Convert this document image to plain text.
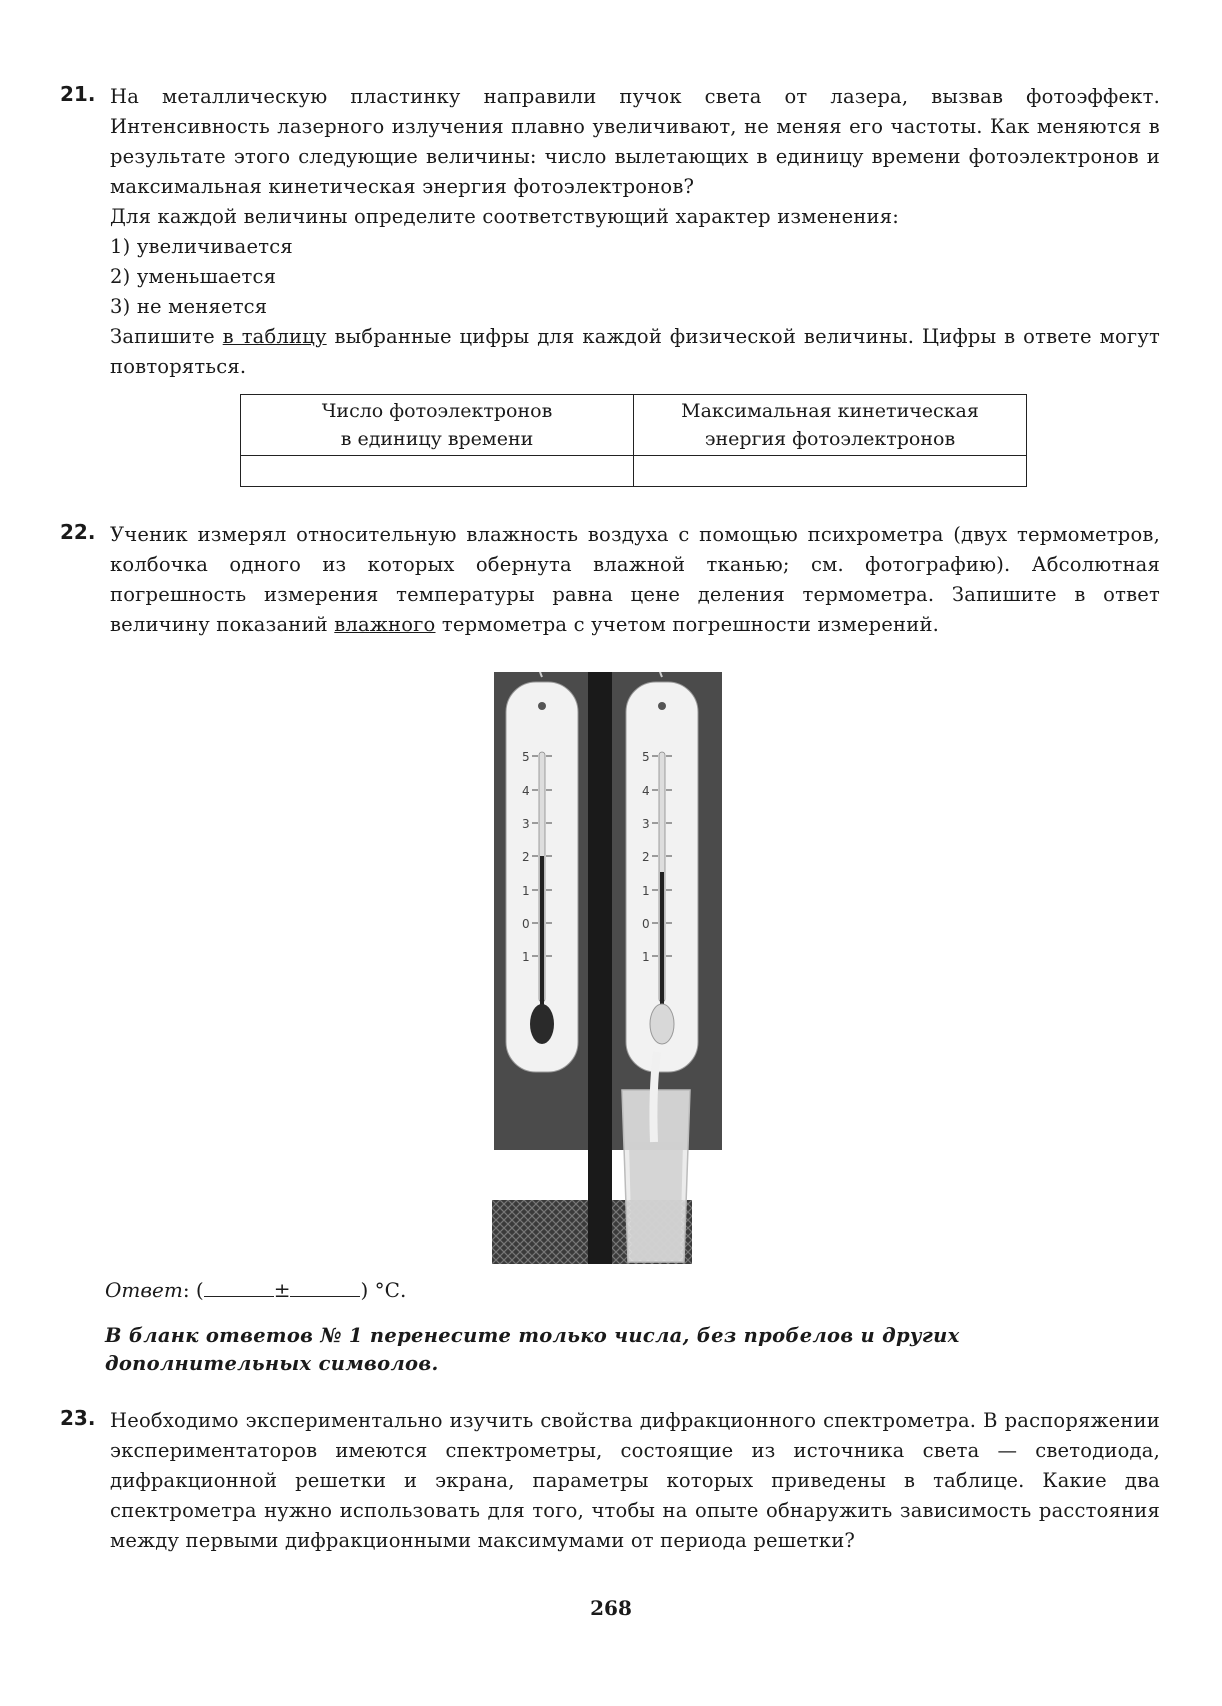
21. На металлическую пластинку направили пучок света от лазера, вызвав фотоэффект. Интенсивность лазерного излучения плавно увеличивают, не меняя его частоты. Как меняются в результате этого следующие величины: число вылетающих в единицу времени фотоэлектронов и максимальная кинетическая энергия фотоэлектронов?

Для каждой величины определите соответствующий характер изменения:

1) увеличивается
2) уменьшается
3) не меняется

Запишите в таблицу выбранные цифры для каждой физической величины. Цифры в ответе могут повторяться.

Число фотоэлектронов
в единицу времени	Максимальная кинетическая
энергия фотоэлектронов

22. Ученик измерял относительную влажность воздуха с помощью психрометра (двух термометров, колбочка одного из которых обернута влажной тканью; см. фотографию). Абсолютная погрешность измерения температуры равна цене деления термометра. Запишите в ответ величину показаний влажного термометра с учетом погрешности измерений.

5
4
3
2
1
0
1
5
4
3
2
1
0
1
Ответ: (	±	) °С.
В бланк ответов № 1 перенесите только числа, без пробелов и других дополнительных символов.
23. Необходимо экспериментально изучить свойства дифракционного спектрометра. В распоряжении экспериментаторов имеются спектрометры, состоящие из источника света — светодиода, дифракционной решетки и экрана, параметры которых приведены в таблице. Какие два спектрометра нужно использовать для того, чтобы на опыте обнаружить зависимость расстояния между первыми дифракционными максимумами от периода решетки?

268
